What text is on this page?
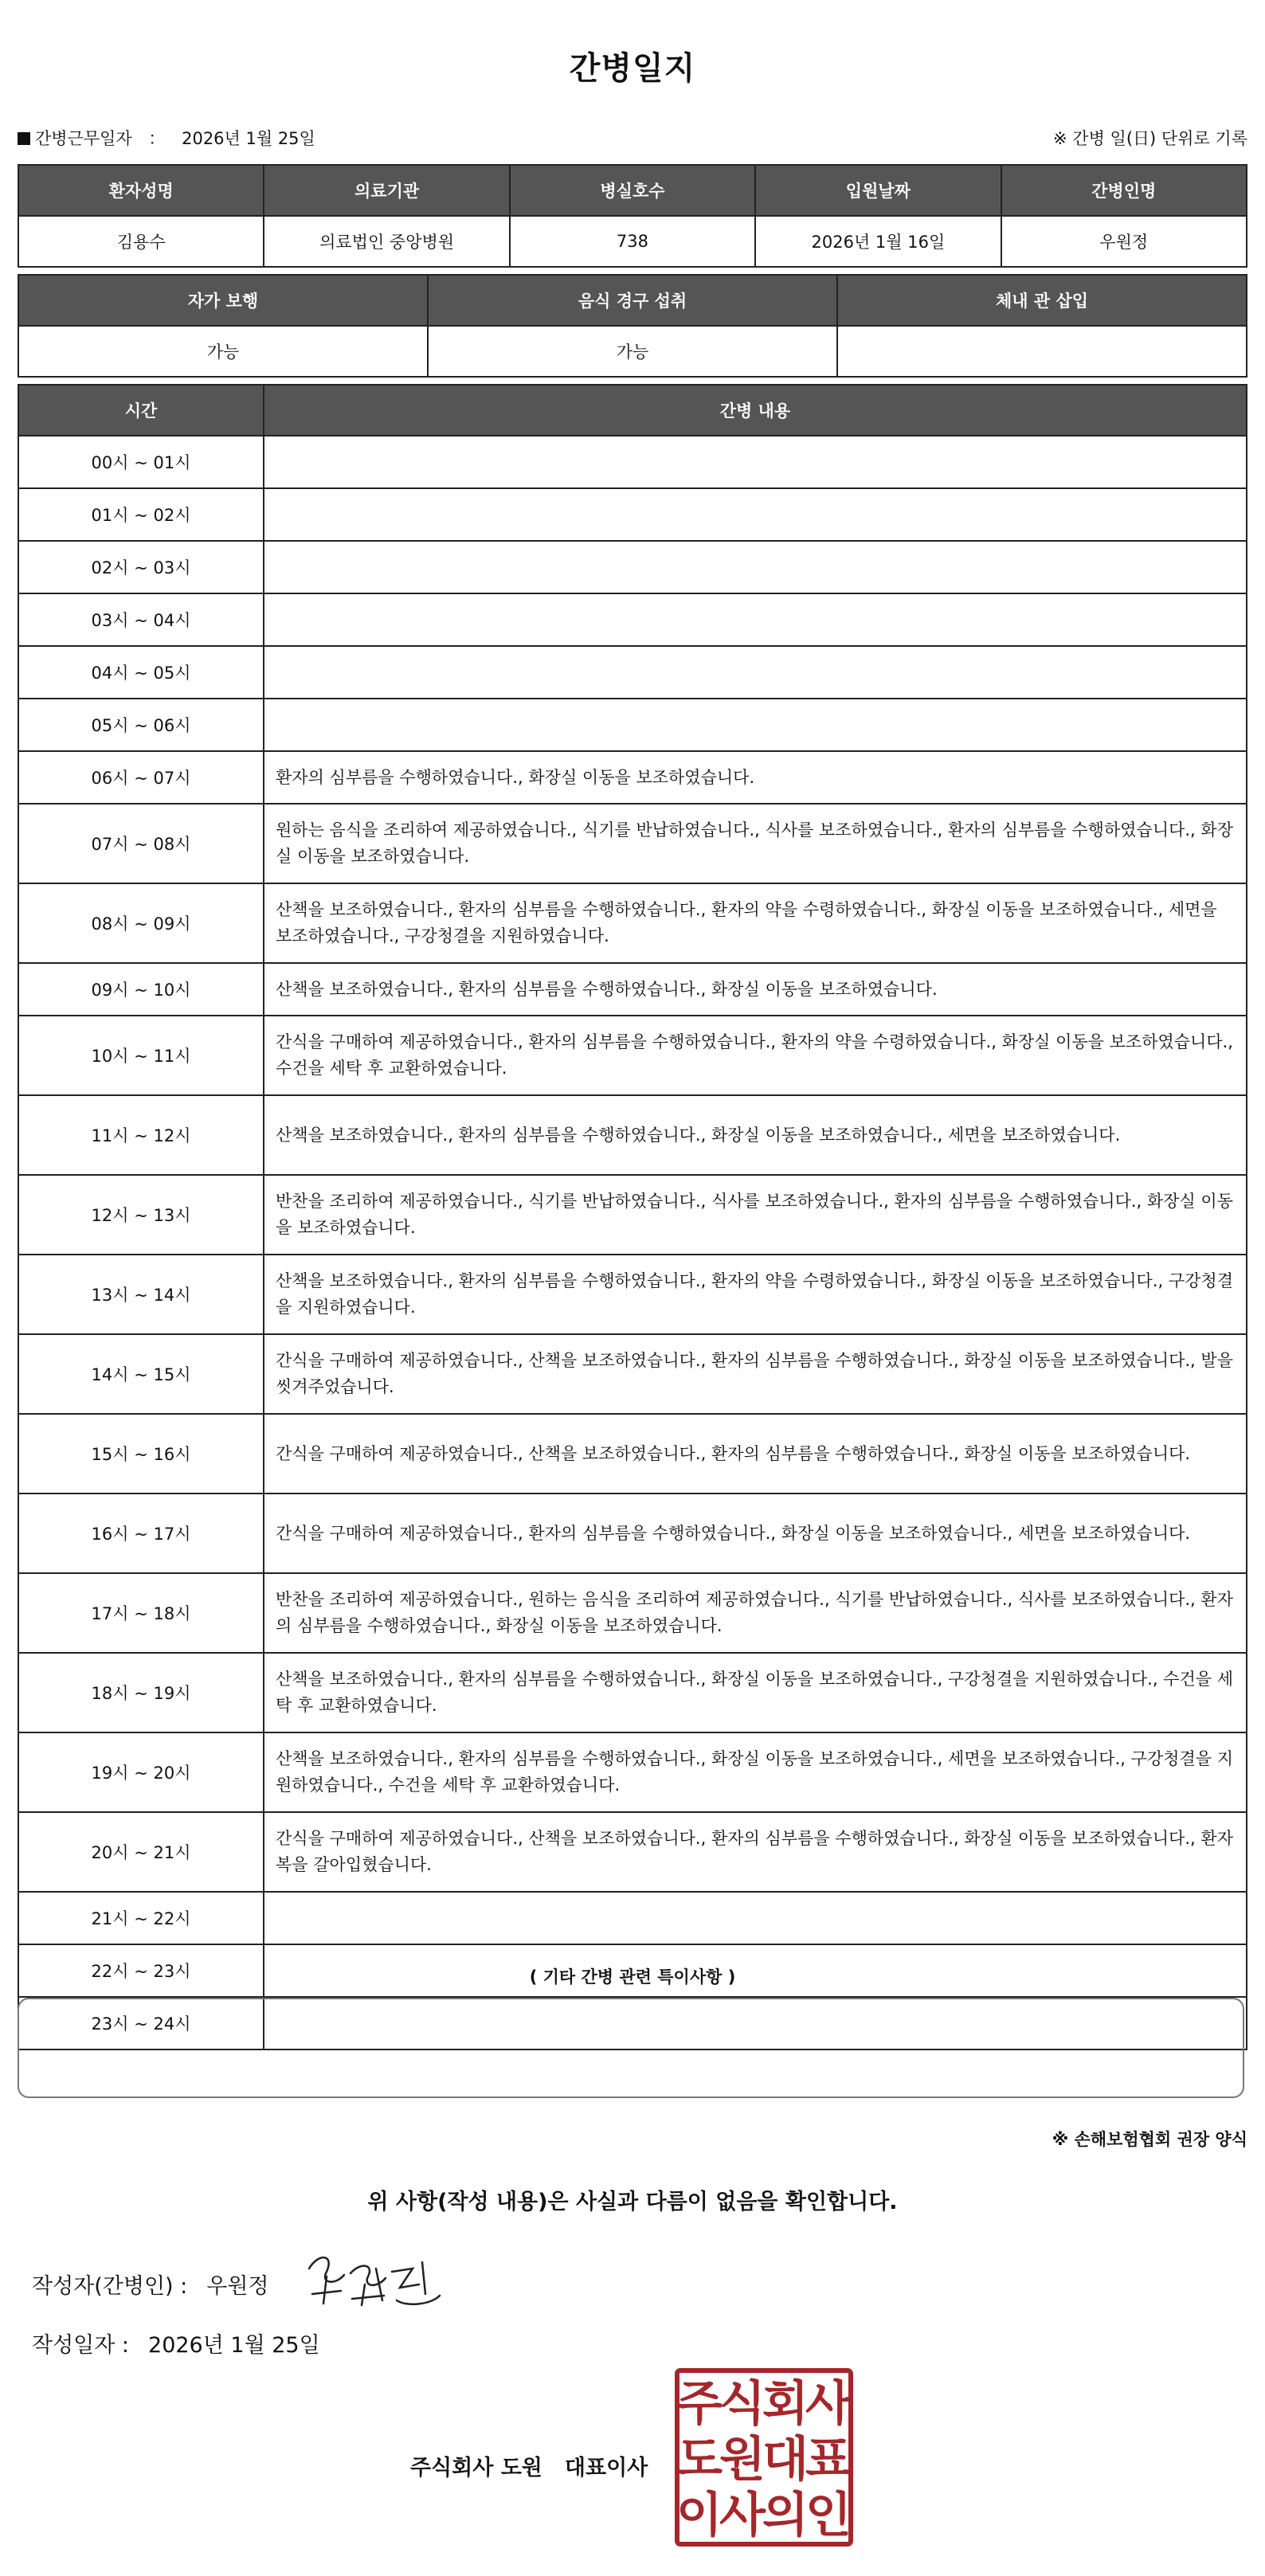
간병일지
간병근무일자 ： 2026년 1월 25일	※ 간병 일(日) 단위로 기록
환자성명	의료기관	병실호수	입원날짜	간병인명
김용수	의료법인 중앙병원	738	2026년 1월 16일	우원정
자가 보행	음식 경구 섭취	체내 관 삽입
가능	가능	
시간	간병 내용
00시 ~ 01시	
01시 ~ 02시	
02시 ~ 03시	
03시 ~ 04시	
04시 ~ 05시	
05시 ~ 06시	
06시 ~ 07시	환자의 심부름을 수행하였습니다., 화장실 이동을 보조하였습니다.
07시 ~ 08시	원하는 음식을 조리하여 제공하였습니다., 식기를 반납하였습니다., 식사를 보조하였습니다., 환자의 심부름을 수행하였습니다., 화장실 이동을 보조하였습니다.
08시 ~ 09시	산책을 보조하였습니다., 환자의 심부름을 수행하였습니다., 환자의 약을 수령하였습니다., 화장실 이동을 보조하였습니다., 세면을 보조하였습니다., 구강청결을 지원하였습니다.
09시 ~ 10시	산책을 보조하였습니다., 환자의 심부름을 수행하였습니다., 화장실 이동을 보조하였습니다.
10시 ~ 11시	간식을 구매하여 제공하였습니다., 환자의 심부름을 수행하였습니다., 환자의 약을 수령하였습니다., 화장실 이동을 보조하였습니다., 수건을 세탁 후 교환하였습니다.
11시 ~ 12시	산책을 보조하였습니다., 환자의 심부름을 수행하였습니다., 화장실 이동을 보조하였습니다., 세면을 보조하였습니다.
12시 ~ 13시	반찬을 조리하여 제공하였습니다., 식기를 반납하였습니다., 식사를 보조하였습니다., 환자의 심부름을 수행하였습니다., 화장실 이동을 보조하였습니다.
13시 ~ 14시	산책을 보조하였습니다., 환자의 심부름을 수행하였습니다., 환자의 약을 수령하였습니다., 화장실 이동을 보조하였습니다., 구강청결을 지원하였습니다.
14시 ~ 15시	간식을 구매하여 제공하였습니다., 산책을 보조하였습니다., 환자의 심부름을 수행하였습니다., 화장실 이동을 보조하였습니다., 발을 씻겨주었습니다.
15시 ~ 16시	간식을 구매하여 제공하였습니다., 산책을 보조하였습니다., 환자의 심부름을 수행하였습니다., 화장실 이동을 보조하였습니다.
16시 ~ 17시	간식을 구매하여 제공하였습니다., 환자의 심부름을 수행하였습니다., 화장실 이동을 보조하였습니다., 세면을 보조하였습니다.
17시 ~ 18시	반찬을 조리하여 제공하였습니다., 원하는 음식을 조리하여 제공하였습니다., 식기를 반납하였습니다., 식사를 보조하였습니다., 환자의 심부름을 수행하였습니다., 화장실 이동을 보조하였습니다.
18시 ~ 19시	산책을 보조하였습니다., 환자의 심부름을 수행하였습니다., 화장실 이동을 보조하였습니다., 구강청결을 지원하였습니다., 수건을 세탁 후 교환하였습니다.
19시 ~ 20시	산책을 보조하였습니다., 환자의 심부름을 수행하였습니다., 화장실 이동을 보조하였습니다., 세면을 보조하였습니다., 구강청결을 지원하였습니다., 수건을 세탁 후 교환하였습니다.
20시 ~ 21시	간식을 구매하여 제공하였습니다., 산책을 보조하였습니다., 환자의 심부름을 수행하였습니다., 화장실 이동을 보조하였습니다., 환자복을 갈아입혔습니다.
21시 ~ 22시	
22시 ~ 23시	
23시 ~ 24시	
( 기타 간병 관련 특이사항 )
※ 손해보험협회 권장 양식
위 사항(작성 내용)은 사실과 다름이 없음을 확인합니다.
작성자(간병인) : 우원정
작성일자 : 2026년 1월 25일
주식회사 도원 대표이사
주
식
회
사
도
원
대
표
이
사
의
인
